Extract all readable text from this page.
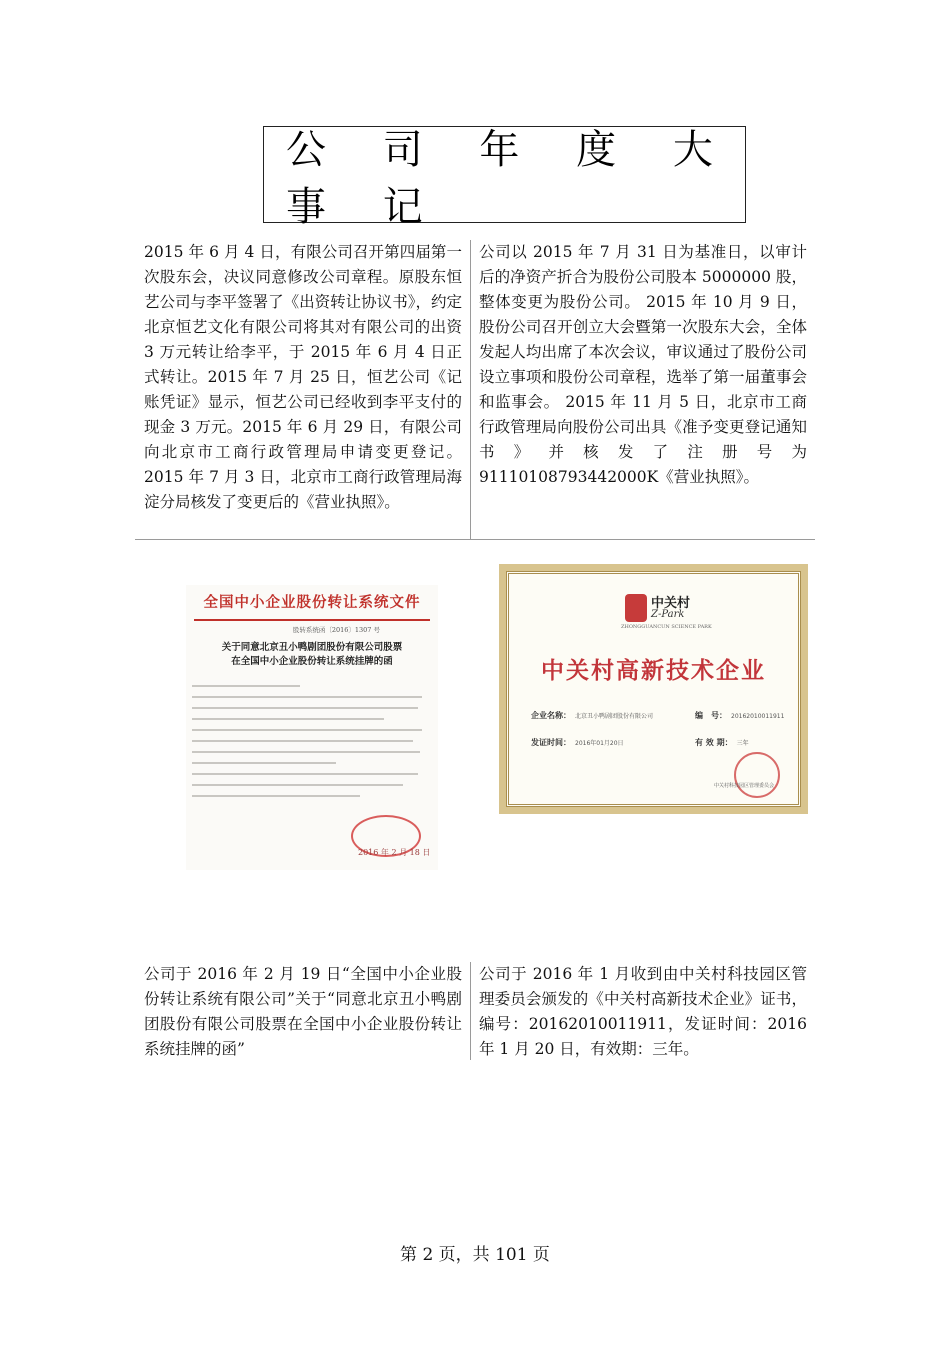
公 司 年 度 大 事 记
2015 年 6 月 4 日，有限公司召开第四届第一次股东会，决议同意修改公司章程。原股东恒艺公司与李平签署了《出资转让协议书》，约定北京恒艺文化有限公司将其对有限公司的出资 3 万元转让给李平，于 2015 年 6 月 4 日正式转让。2015 年 7 月 25 日，恒艺公司《记账凭证》显示，恒艺公司已经收到李平支付的现金 3 万元。2015 年 6 月 29 日，有限公司向北京市工商行政管理局申请变更登记。2015 年 7 月 3 日，北京市工商行政管理局海淀分局核发了变更后的《营业执照》。
公司以 2015 年 7 月 31 日为基准日，以审计后的净资产折合为股份公司股本 5000000 股，整体变更为股份公司。 2015 年 10 月 9 日，股份公司召开创立大会暨第一次股东大会，全体发起人均出席了本次会议，审议通过了股份公司设立事项和股份公司章程，选举了第一届董事会和监事会。 2015 年 11 月 5 日，北京市工商行政管理局向股份公司出具《准予变更登记通知书》并核发了注册号为 91110108793442000K《营业执照》。
全国中小企业股份转让系统文件
股转系统函〔2016〕1307 号
关于同意北京丑小鸭剧团股份有限公司股票
在全国中小企业股份转让系统挂牌的函
2016 年 2 月 18 日
中关村
Z-Park
ZHONGGUANCUN SCIENCE PARK
中关村高新技术企业
企业名称： 北京丑小鸭剧团股份有限公司	编　号： 20162010011911
发证时间： 2016年01月20日	有 效 期： 三年
中关村科技园区管理委员会
公司于 2016 年 2 月 19 日“全国中小企业股份转让系统有限公司”关于“同意北京丑小鸭剧团股份有限公司股票在全国中小企业股份转让系统挂牌的函”
公司于 2016 年 1 月收到由中关村科技园区管理委员会颁发的《中关村高新技术企业》证书，编号：20162010011911，发证时间：2016 年 1 月 20 日，有效期：三年。
第 2 页，共 101 页
